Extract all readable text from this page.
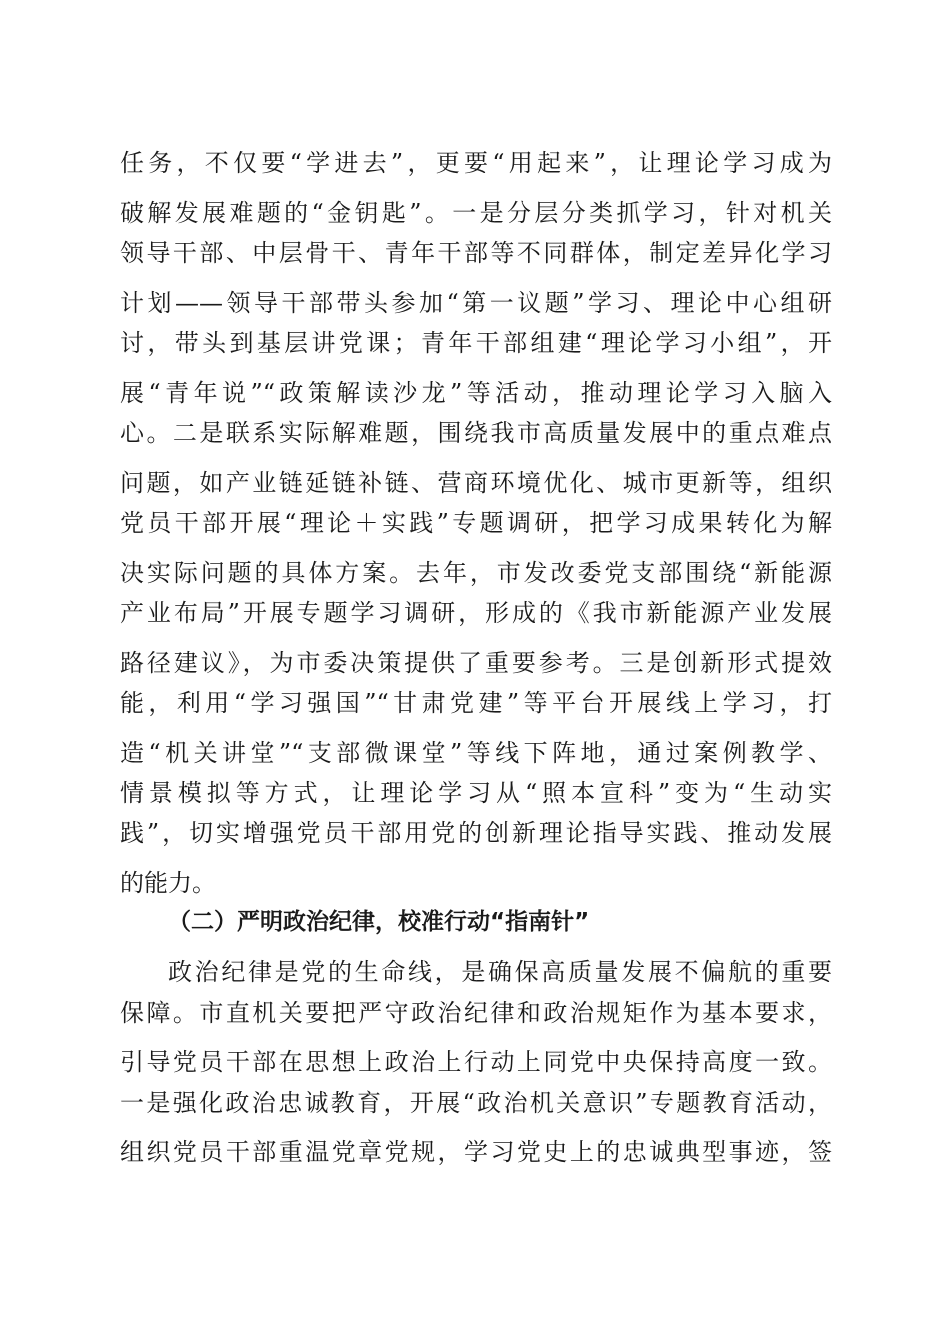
任务，不仅要“学进去”，更要“用起来”，让理论学习成为
破解发展难题的“金钥匙”。一是分层分类抓学习，针对机关
领导干部、中层骨干、青年干部等不同群体，制定差异化学习
计划——领导干部带头参加“第一议题”学习、理论中心组研
讨，带头到基层讲党课；青年干部组建“理论学习小组”，开
展“青年说”“政策解读沙龙”等活动，推动理论学习入脑入
心。二是联系实际解难题，围绕我市高质量发展中的重点难点
问题，如产业链延链补链、营商环境优化、城市更新等，组织
党员干部开展“理论＋实践”专题调研，把学习成果转化为解
决实际问题的具体方案。去年，市发改委党支部围绕“新能源
产业布局”开展专题学习调研，形成的《我市新能源产业发展
路径建议》，为市委决策提供了重要参考。三是创新形式提效
能，利用“学习强国”“甘肃党建”等平台开展线上学习，打
造“机关讲堂”“支部微课堂”等线下阵地，通过案例教学、
情景模拟等方式，让理论学习从“照本宣科”变为“生动实
践”，切实增强党员干部用党的创新理论指导实践、推动发展
的能力。
（二）严明政治纪律，校准行动“指南针”
政治纪律是党的生命线，是确保高质量发展不偏航的重要
保障。市直机关要把严守政治纪律和政治规矩作为基本要求，
引导党员干部在思想上政治上行动上同党中央保持高度一致。
一是强化政治忠诚教育，开展“政治机关意识”专题教育活动，
组织党员干部重温党章党规，学习党史上的忠诚典型事迹，签
